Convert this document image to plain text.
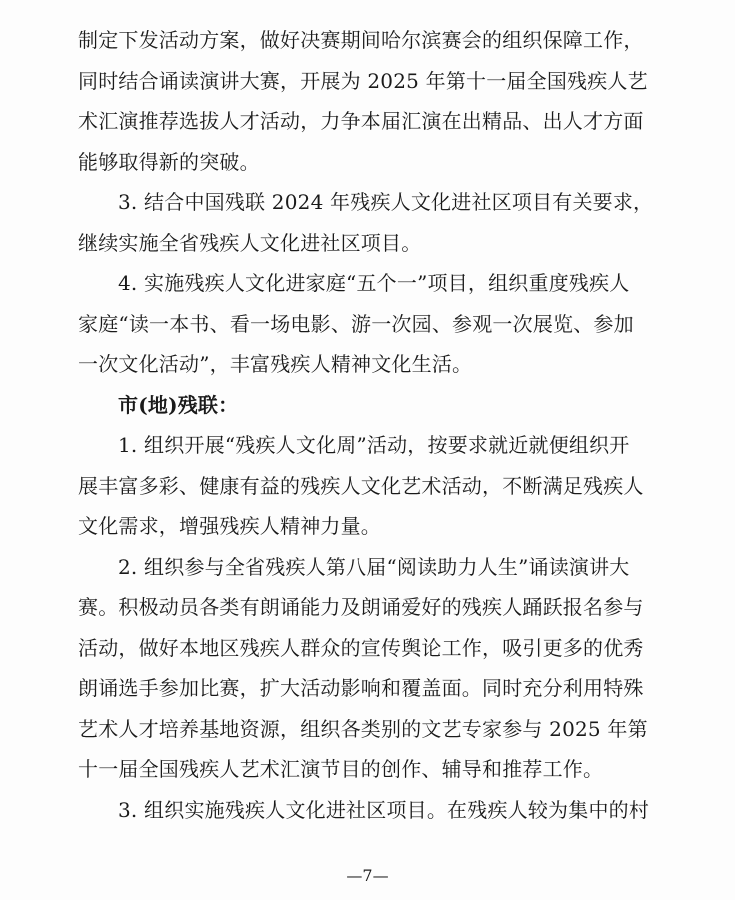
制定下发活动方案，做好决赛期间哈尔滨赛会的组织保障工作，
同时结合诵读演讲大赛，开展为 2025 年第十一届全国残疾人艺
术汇演推荐选拔人才活动，力争本届汇演在出精品、出人才方面
能够取得新的突破。
3. 结合中国残联 2024 年残疾人文化进社区项目有关要求，
继续实施全省残疾人文化进社区项目。
4. 实施残疾人文化进家庭“五个一”项目，组织重度残疾人
家庭“读一本书、看一场电影、游一次园、参观一次展览、参加
一次文化活动”，丰富残疾人精神文化生活。
市(地)残联：
1. 组织开展“残疾人文化周”活动，按要求就近就便组织开
展丰富多彩、健康有益的残疾人文化艺术活动，不断满足残疾人
文化需求，增强残疾人精神力量。
2. 组织参与全省残疾人第八届“阅读助力人生”诵读演讲大
赛。积极动员各类有朗诵能力及朗诵爱好的残疾人踊跃报名参与
活动，做好本地区残疾人群众的宣传舆论工作，吸引更多的优秀
朗诵选手参加比赛，扩大活动影响和覆盖面。同时充分利用特殊
艺术人才培养基地资源，组织各类别的文艺专家参与 2025 年第
十一届全国残疾人艺术汇演节目的创作、辅导和推荐工作。
3. 组织实施残疾人文化进社区项目。在残疾人较为集中的村
—7—
